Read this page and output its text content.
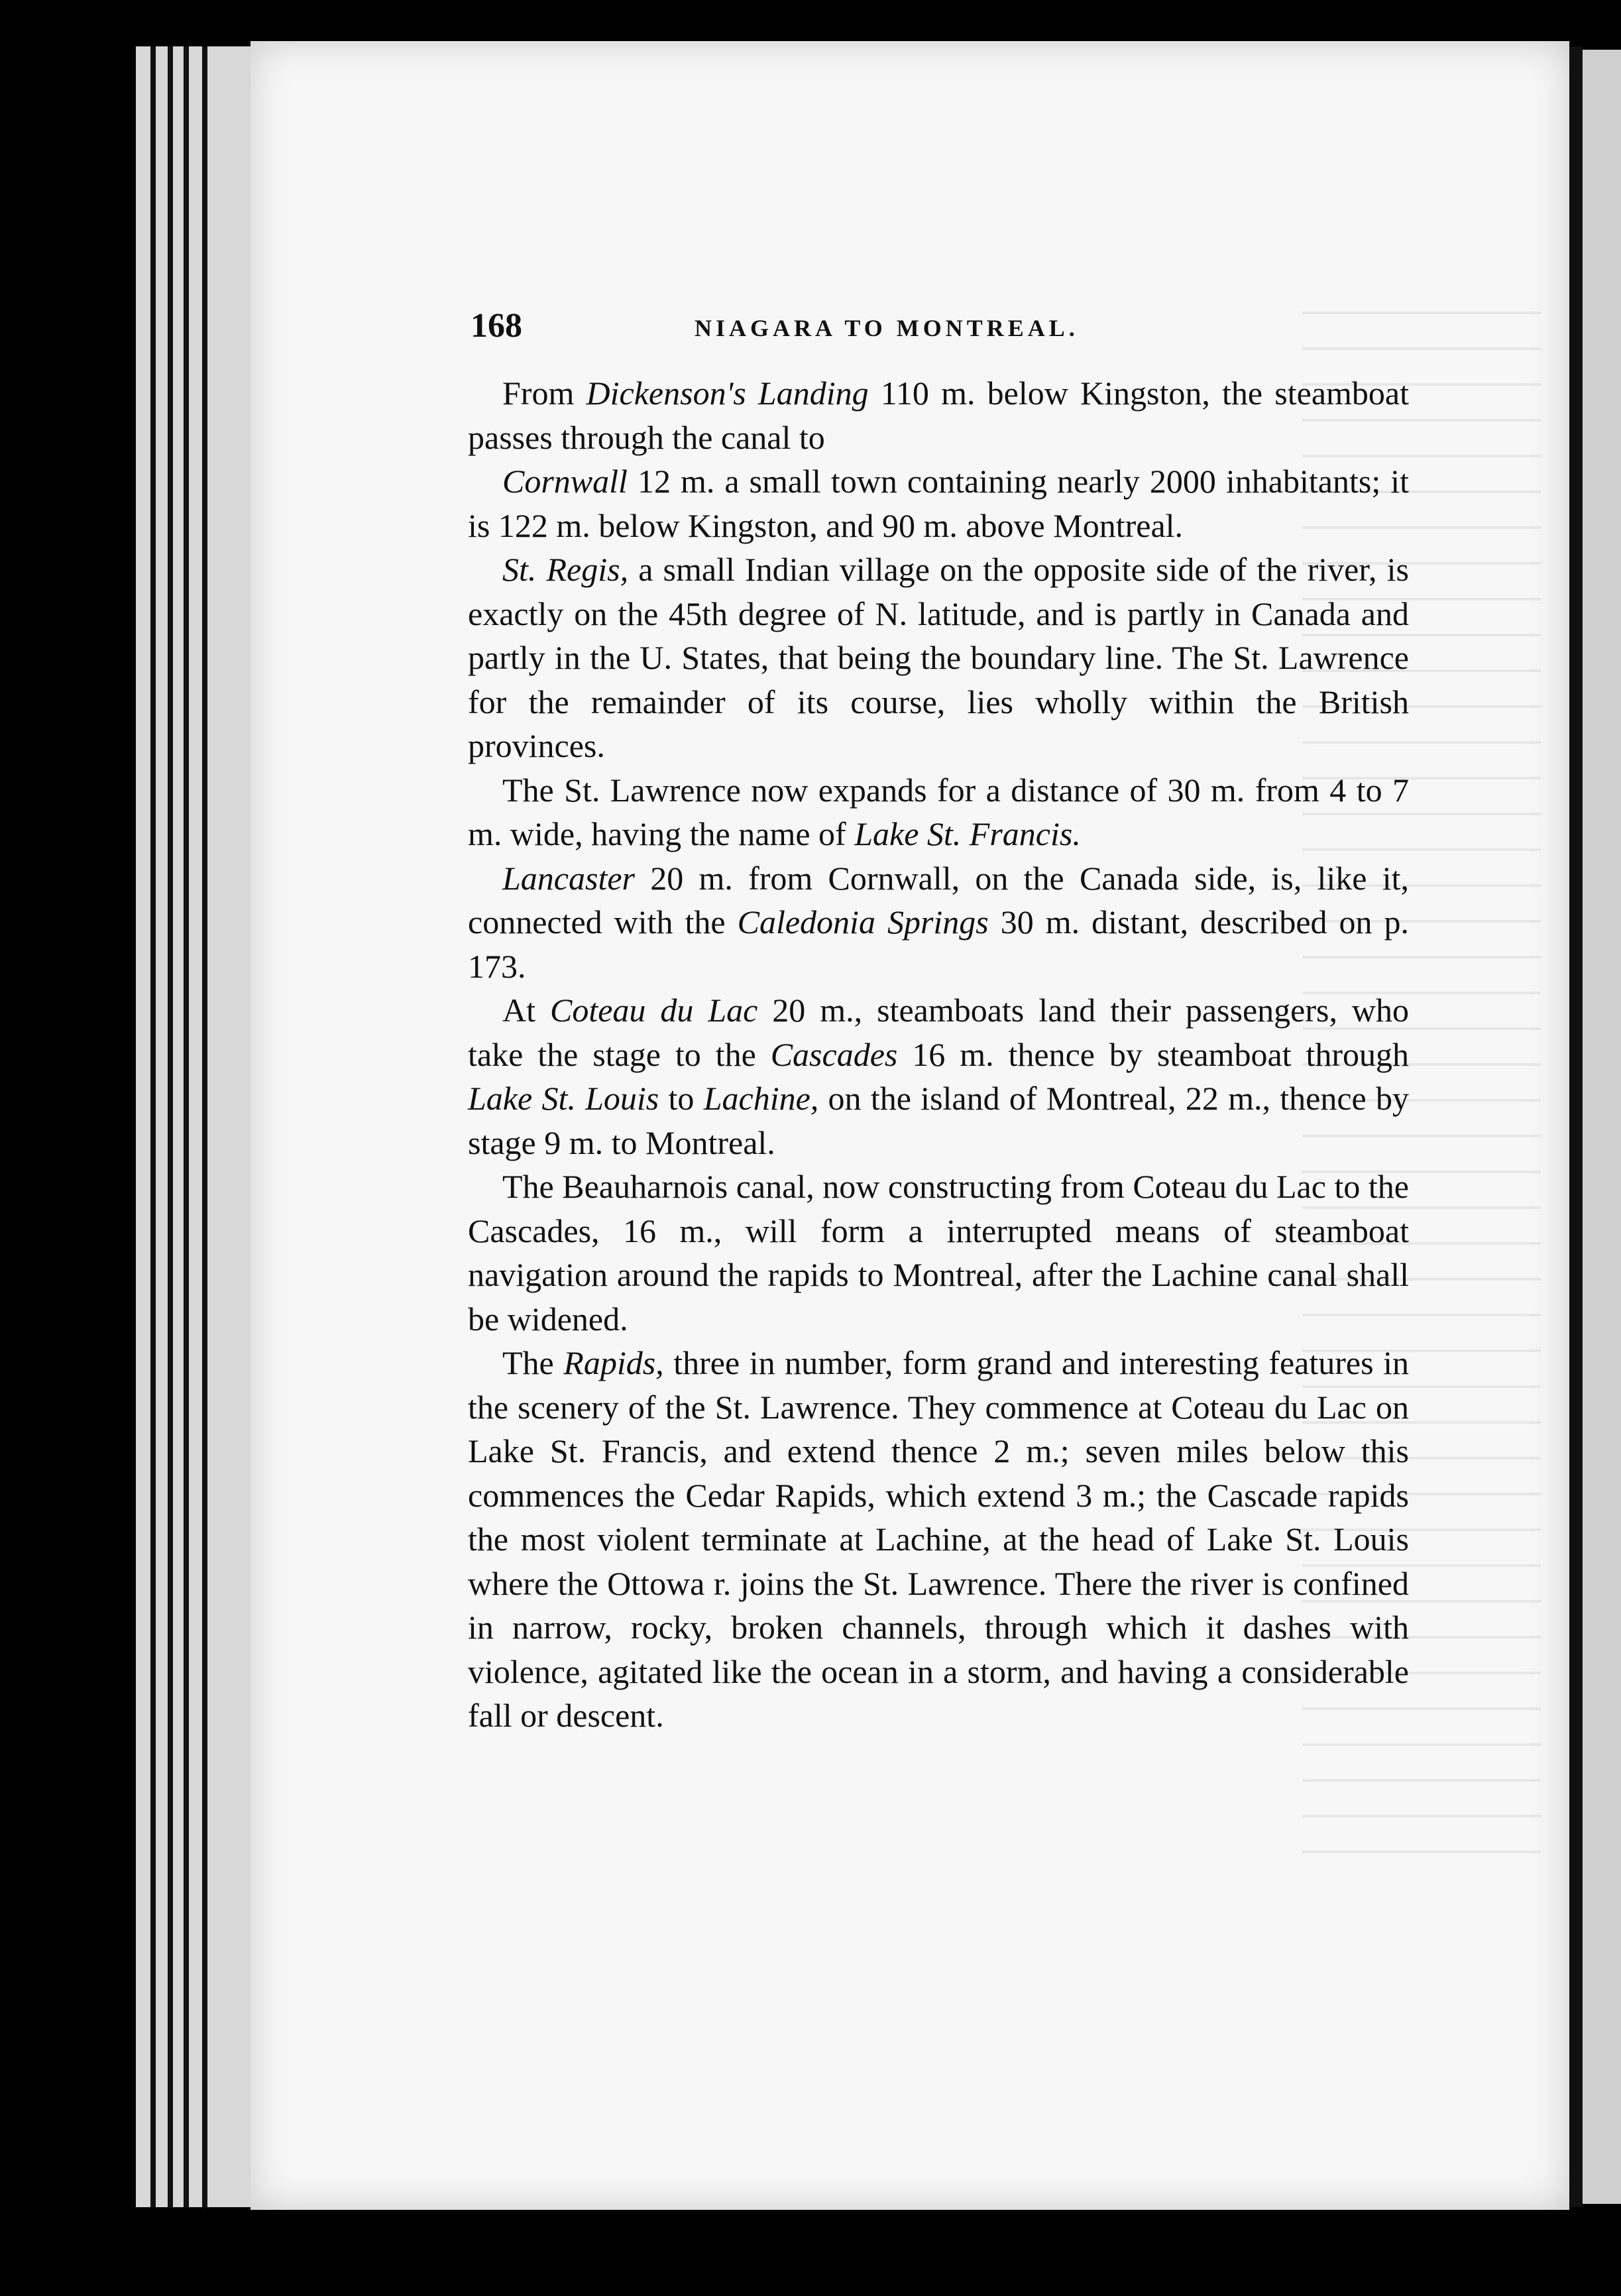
168	NIAGARA TO MONTREAL.

From Dickenson's Landing 110 m. below Kingston, the steamboat passes through the canal to

Cornwall 12 m. a small town containing nearly 2000 inhabitants; it is 122 m. below Kingston, and 90 m. above Montreal.

St. Regis, a small Indian village on the opposite side of the river, is exactly on the 45th degree of N. latitude, and is partly in Canada and partly in the U. States, that being the boundary line. The St. Lawrence for the remainder of its course, lies wholly within the British provinces.

The St. Lawrence now expands for a distance of 30 m. from 4 to 7 m. wide, having the name of Lake St. Francis.

Lancaster 20 m. from Cornwall, on the Canada side, is, like it, connected with the Caledonia Springs 30 m. distant, described on p. 173.

At Coteau du Lac 20 m., steamboats land their passengers, who take the stage to the Cascades 16 m. thence by steamboat through Lake St. Louis to Lachine, on the island of Montreal, 22 m., thence by stage 9 m. to Montreal.

The Beauharnois canal, now constructing from Coteau du Lac to the Cascades, 16 m., will form a interrupted means of steamboat navigation around the rapids to Montreal, after the Lachine canal shall be widened.

The Rapids, three in number, form grand and interesting features in the scenery of the St. Lawrence. They commence at Coteau du Lac on Lake St. Francis, and extend thence 2 m.; seven miles below this commences the Cedar Rapids, which extend 3 m.; the Cascade rapids the most violent terminate at Lachine, at the head of Lake St. Louis where the Ottowa r. joins the St. Lawrence. There the river is confined in narrow, rocky, broken channels, through which it dashes with violence, agitated like the ocean in a storm, and having a considerable fall or descent.
